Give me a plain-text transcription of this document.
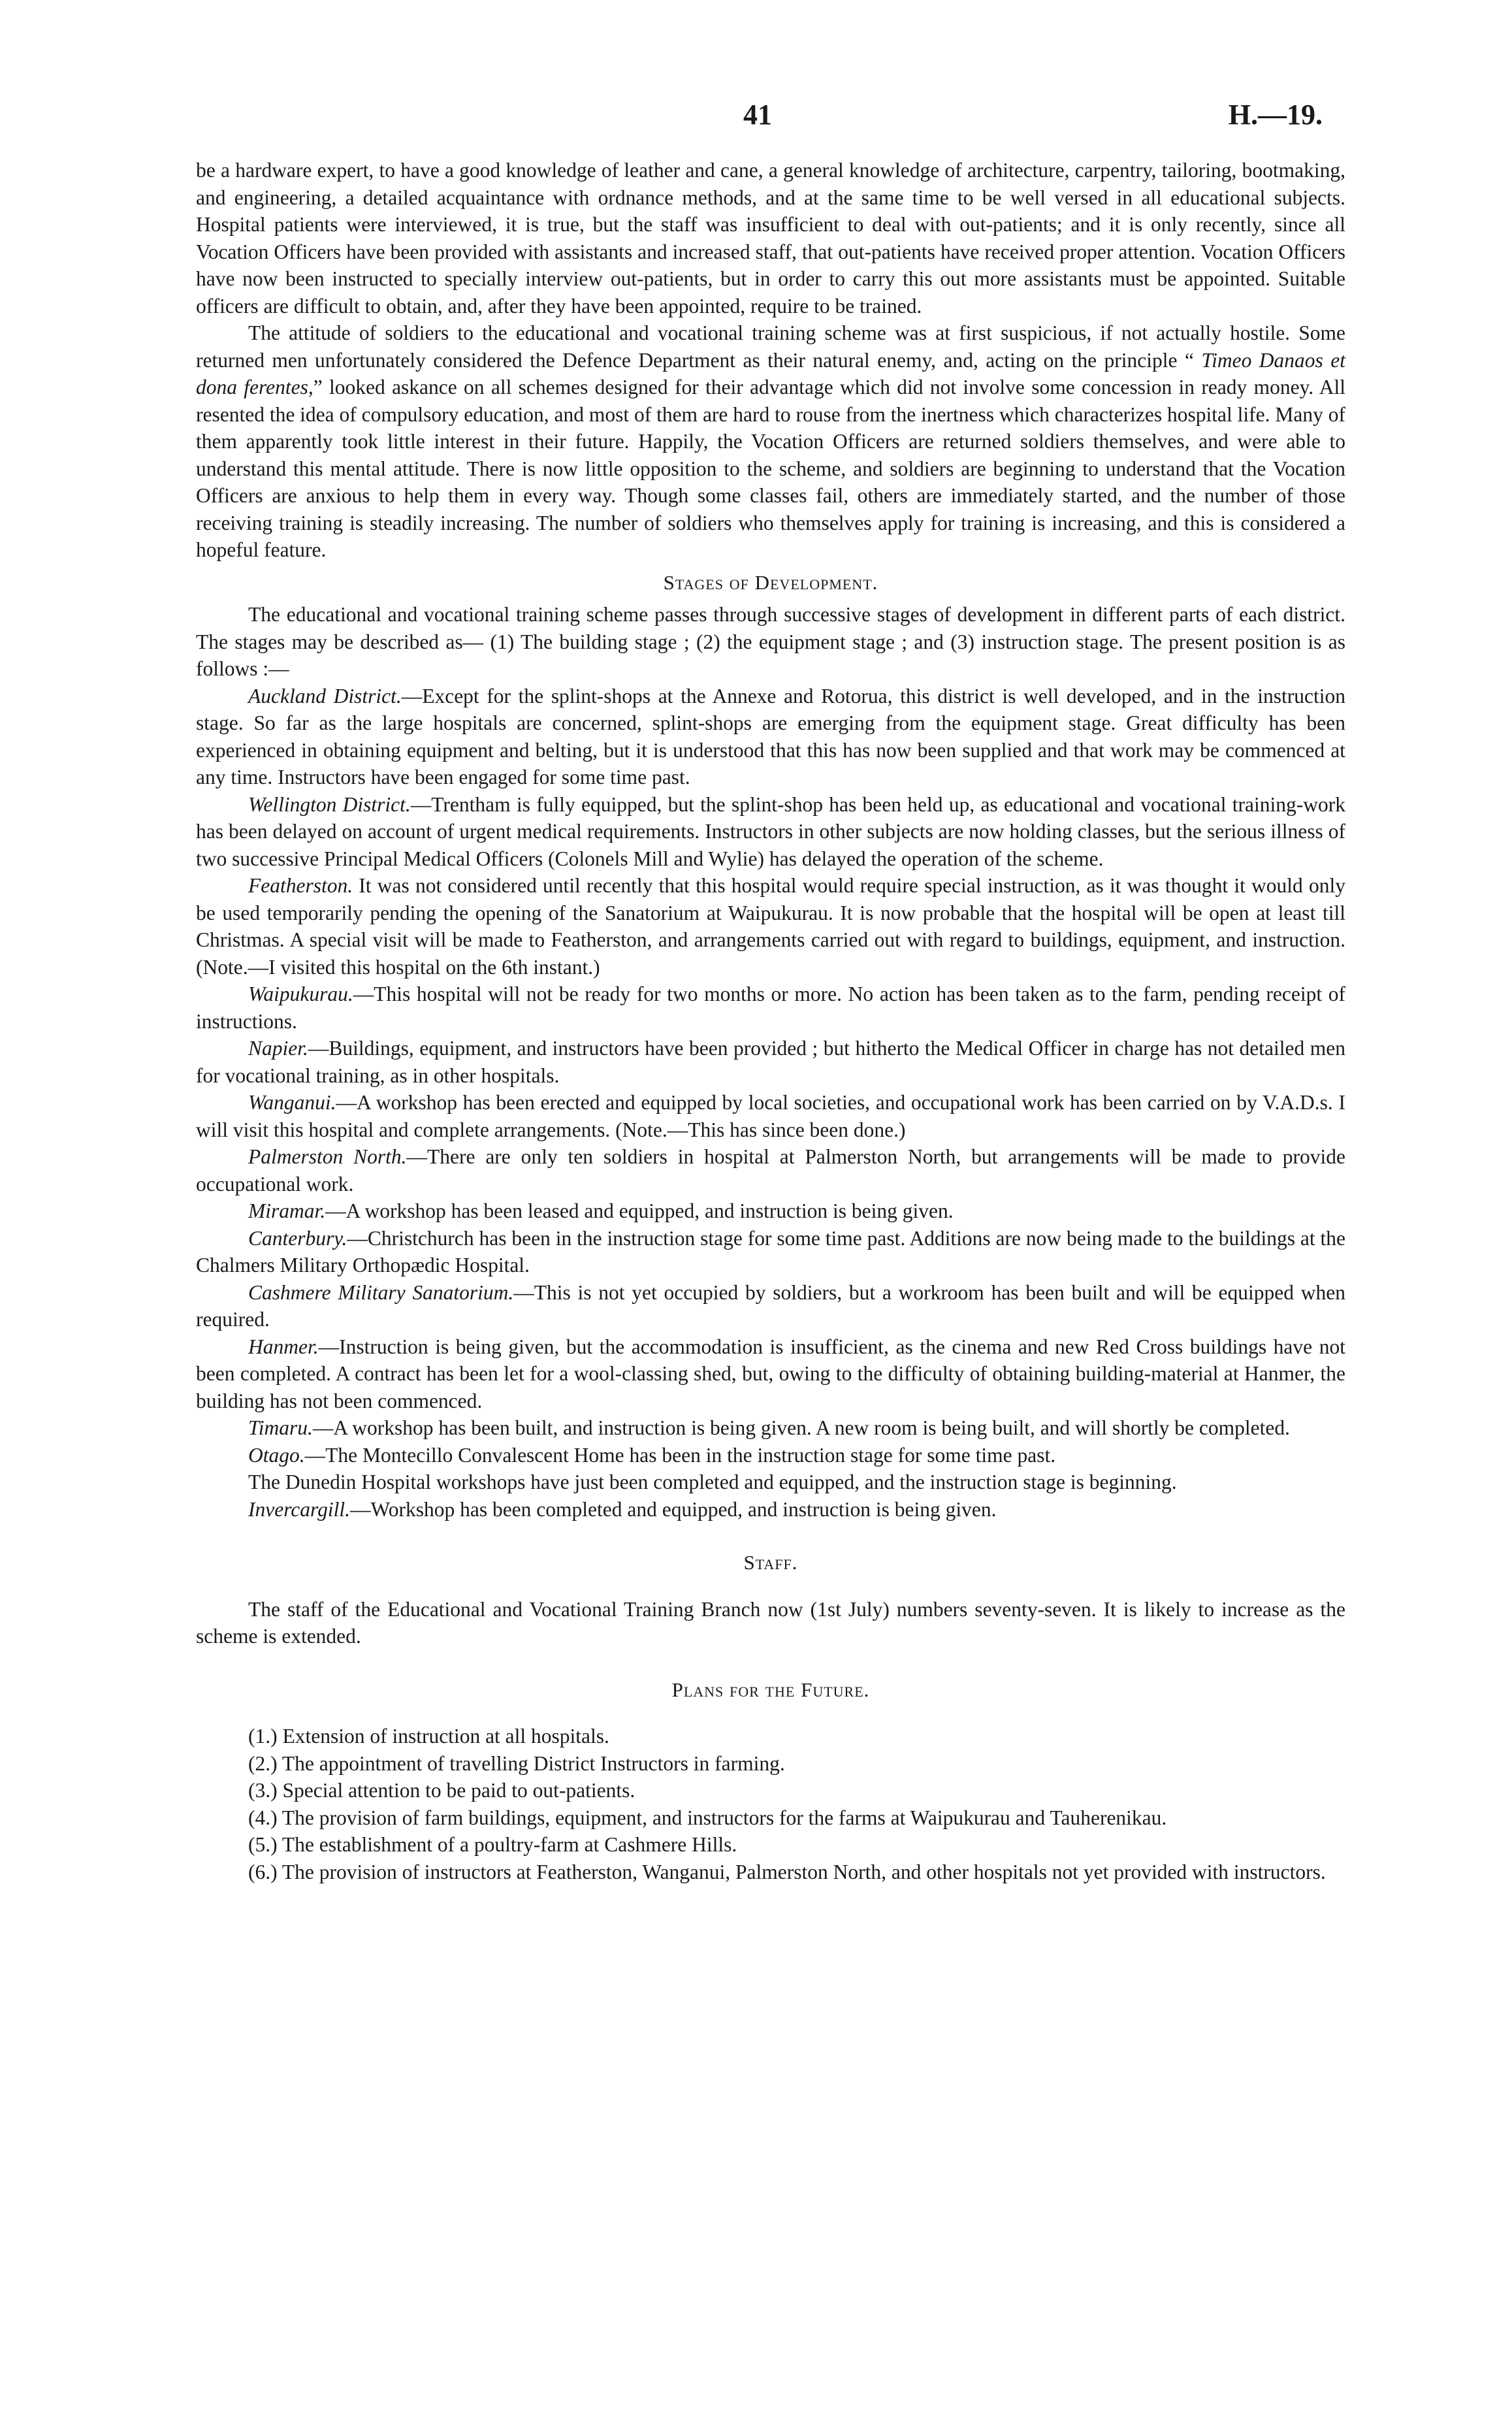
41	H.—19.

be a hardware expert, to have a good knowledge of leather and cane, a general knowledge of architecture, carpentry, tailoring, bootmaking, and engineering, a detailed acquaintance with ordnance methods, and at the same time to be well versed in all educational subjects. Hospital patients were interviewed, it is true, but the staff was insufficient to deal with out-patients; and it is only recently, since all Vocation Officers have been provided with assistants and increased staff, that out-patients have received proper attention. Vocation Officers have now been instructed to specially interview out-patients, but in order to carry this out more assistants must be appointed. Suitable officers are difficult to obtain, and, after they have been appointed, require to be trained.

The attitude of soldiers to the educational and vocational training scheme was at first suspicious, if not actually hostile. Some returned men unfortunately considered the Defence Department as their natural enemy, and, acting on the principle “ Timeo Danaos et dona ferentes,” looked askance on all schemes designed for their advantage which did not involve some concession in ready money. All resented the idea of compulsory education, and most of them are hard to rouse from the inertness which characterizes hospital life. Many of them apparently took little interest in their future. Happily, the Vocation Officers are returned soldiers themselves, and were able to understand this mental attitude. There is now little opposition to the scheme, and soldiers are beginning to understand that the Vocation Officers are anxious to help them in every way. Though some classes fail, others are immediately started, and the number of those receiving training is steadily increasing. The number of soldiers who themselves apply for training is increasing, and this is considered a hopeful feature.

Stages of Development.

The educational and vocational training scheme passes through successive stages of development in different parts of each district. The stages may be described as— (1) The building stage ; (2) the equipment stage ; and (3) instruction stage. The present position is as follows :—

Auckland District.—Except for the splint-shops at the Annexe and Rotorua, this district is well developed, and in the instruction stage. So far as the large hospitals are concerned, splint-shops are emerging from the equipment stage. Great difficulty has been experienced in obtaining equipment and belting, but it is understood that this has now been supplied and that work may be commenced at any time. Instructors have been engaged for some time past.

Wellington District.—Trentham is fully equipped, but the splint-shop has been held up, as educational and vocational training-work has been delayed on account of urgent medical requirements. Instructors in other subjects are now holding classes, but the serious illness of two successive Principal Medical Officers (Colonels Mill and Wylie) has delayed the operation of the scheme.

Featherston. It was not considered until recently that this hospital would require special instruction, as it was thought it would only be used temporarily pending the opening of the Sanatorium at Waipukurau. It is now probable that the hospital will be open at least till Christmas. A special visit will be made to Featherston, and arrangements carried out with regard to buildings, equipment, and instruction. (Note.—I visited this hospital on the 6th instant.)

Waipukurau.—This hospital will not be ready for two months or more. No action has been taken as to the farm, pending receipt of instructions.

Napier.—Buildings, equipment, and instructors have been provided ; but hitherto the Medical Officer in charge has not detailed men for vocational training, as in other hospitals.

Wanganui.—A workshop has been erected and equipped by local societies, and occupational work has been carried on by V.A.D.s. I will visit this hospital and complete arrangements. (Note.—This has since been done.)

Palmerston North.—There are only ten soldiers in hospital at Palmerston North, but arrangements will be made to provide occupational work.

Miramar.—A workshop has been leased and equipped, and instruction is being given.

Canterbury.—Christchurch has been in the instruction stage for some time past. Additions are now being made to the buildings at the Chalmers Military Orthopædic Hospital.

Cashmere Military Sanatorium.—This is not yet occupied by soldiers, but a workroom has been built and will be equipped when required.

Hanmer.—Instruction is being given, but the accommodation is insufficient, as the cinema and new Red Cross buildings have not been completed. A contract has been let for a wool-classing shed, but, owing to the difficulty of obtaining building-material at Hanmer, the building has not been commenced.

Timaru.—A workshop has been built, and instruction is being given. A new room is being built, and will shortly be completed.

Otago.—The Montecillo Convalescent Home has been in the instruction stage for some time past.

The Dunedin Hospital workshops have just been completed and equipped, and the instruction stage is beginning.

Invercargill.—Workshop has been completed and equipped, and instruction is being given.

Staff.

The staff of the Educational and Vocational Training Branch now (1st July) numbers seventy-seven. It is likely to increase as the scheme is extended.

Plans for the Future.

(1.) Extension of instruction at all hospitals.

(2.) The appointment of travelling District Instructors in farming.

(3.) Special attention to be paid to out-patients.

(4.) The provision of farm buildings, equipment, and instructors for the farms at Waipukurau and Tauherenikau.

(5.) The establishment of a poultry-farm at Cashmere Hills.

(6.) The provision of instructors at Featherston, Wanganui, Palmerston North, and other hospitals not yet provided with instructors.
